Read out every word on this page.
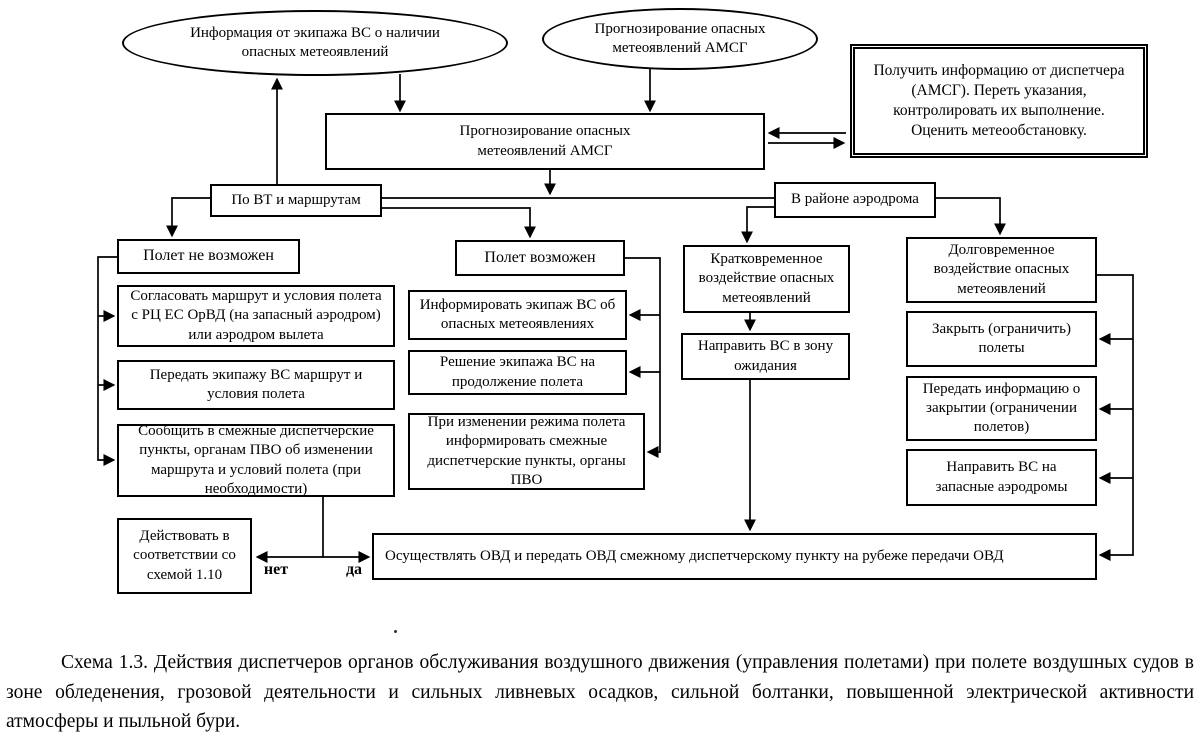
Информация от экипажа ВС о наличии опасных метеоявлений
Прогнозирование опасных метеоявлений АМСГ
Получить информацию от диспетчера (АМСГ). Переть указания, контролировать их выполнение. Оценить метеообстановку.
Прогнозирование опасных метеоявлений АМСГ
По ВТ и маршрутам	В районе аэродрома
Полет не возможен
Согласовать маршрут и условия полета с РЦ ЕС ОрВД (на запасный аэродром) или аэродром вылета
Передать экипажу ВС маршрут и условия полета
Сообщить в смежные диспетчерские пункты, органам ПВО об изменении маршрута и условий полета (при необходимости)
Полет возможен
Информировать экипаж ВС об опасных метеоявлениях
Решение экипажа ВС на продолжение полета
При изменении режима полета информировать смежные диспетчерские пункты, органы ПВО
Кратковременное воздействие опасных метеоявлений
Направить ВС в зону ожидания
Долговременное воздействие опасных метеоявлений
Закрыть (ограничить) полеты
Передать информацию о закрытии (ограничении полетов)
Направить ВС на запасные аэродромы
Действовать в соответствии со схемой 1.10
Осуществлять ОВД и передать ОВД смежному диспетчерскому пункту на рубеже передачи ОВД
нет	да
Схема 1.3. Действия диспетчеров органов обслуживания воздушного движения (управления полетами) при полете воздушных судов в зоне обледенения, грозовой деятельности и сильных ливневых осадков, сильной болтанки, повышенной электрической активности атмосферы и пыльной бури.
